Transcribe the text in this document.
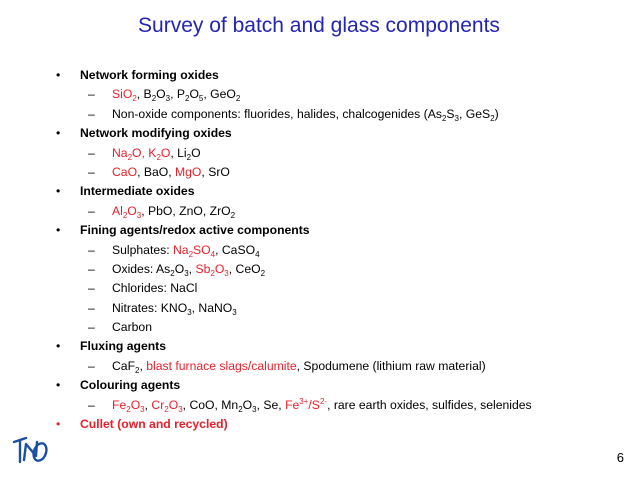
Survey of batch and glass components
• Network forming oxides
– SiO$_2$, $B_2O_3$, $P_2O_5$, GeO$_2$
– Non-oxide components: fluorides, halides, chalcogenides ($As_2S_3$, GeS$_2$)
• Network modifying oxides
– $Na_2O$, $K_2O$, $Li_2O$
– CaO, BaO, MgO, SrO
• Intermediate oxides
– $Al_2O_3$, PbO, ZnO, ZrO$_2$
• Fining agents/redox active components
– Sulphates: $Na_2SO_4$, CaSO$_4$
– Oxides: $As_2O_3$, $Sb_2O_3$, CeO$_2$
– Chlorides: NaCl
– Nitrates: $KNO_3$, NaNO$_3$
– Carbon
• Fluxing agents
– CaF$_2$, blast furnace slags/calumite, Spodumene (lithium raw material)
• Colouring agents
– $Fe_2O_3$, $Cr_2O_3$, CoO, $Mn_2O_3$, Se, $Fe^{3+}/S^{2-}$, rare earth oxides, sulfides, selenides
• Cullet (own and recycled)
6
